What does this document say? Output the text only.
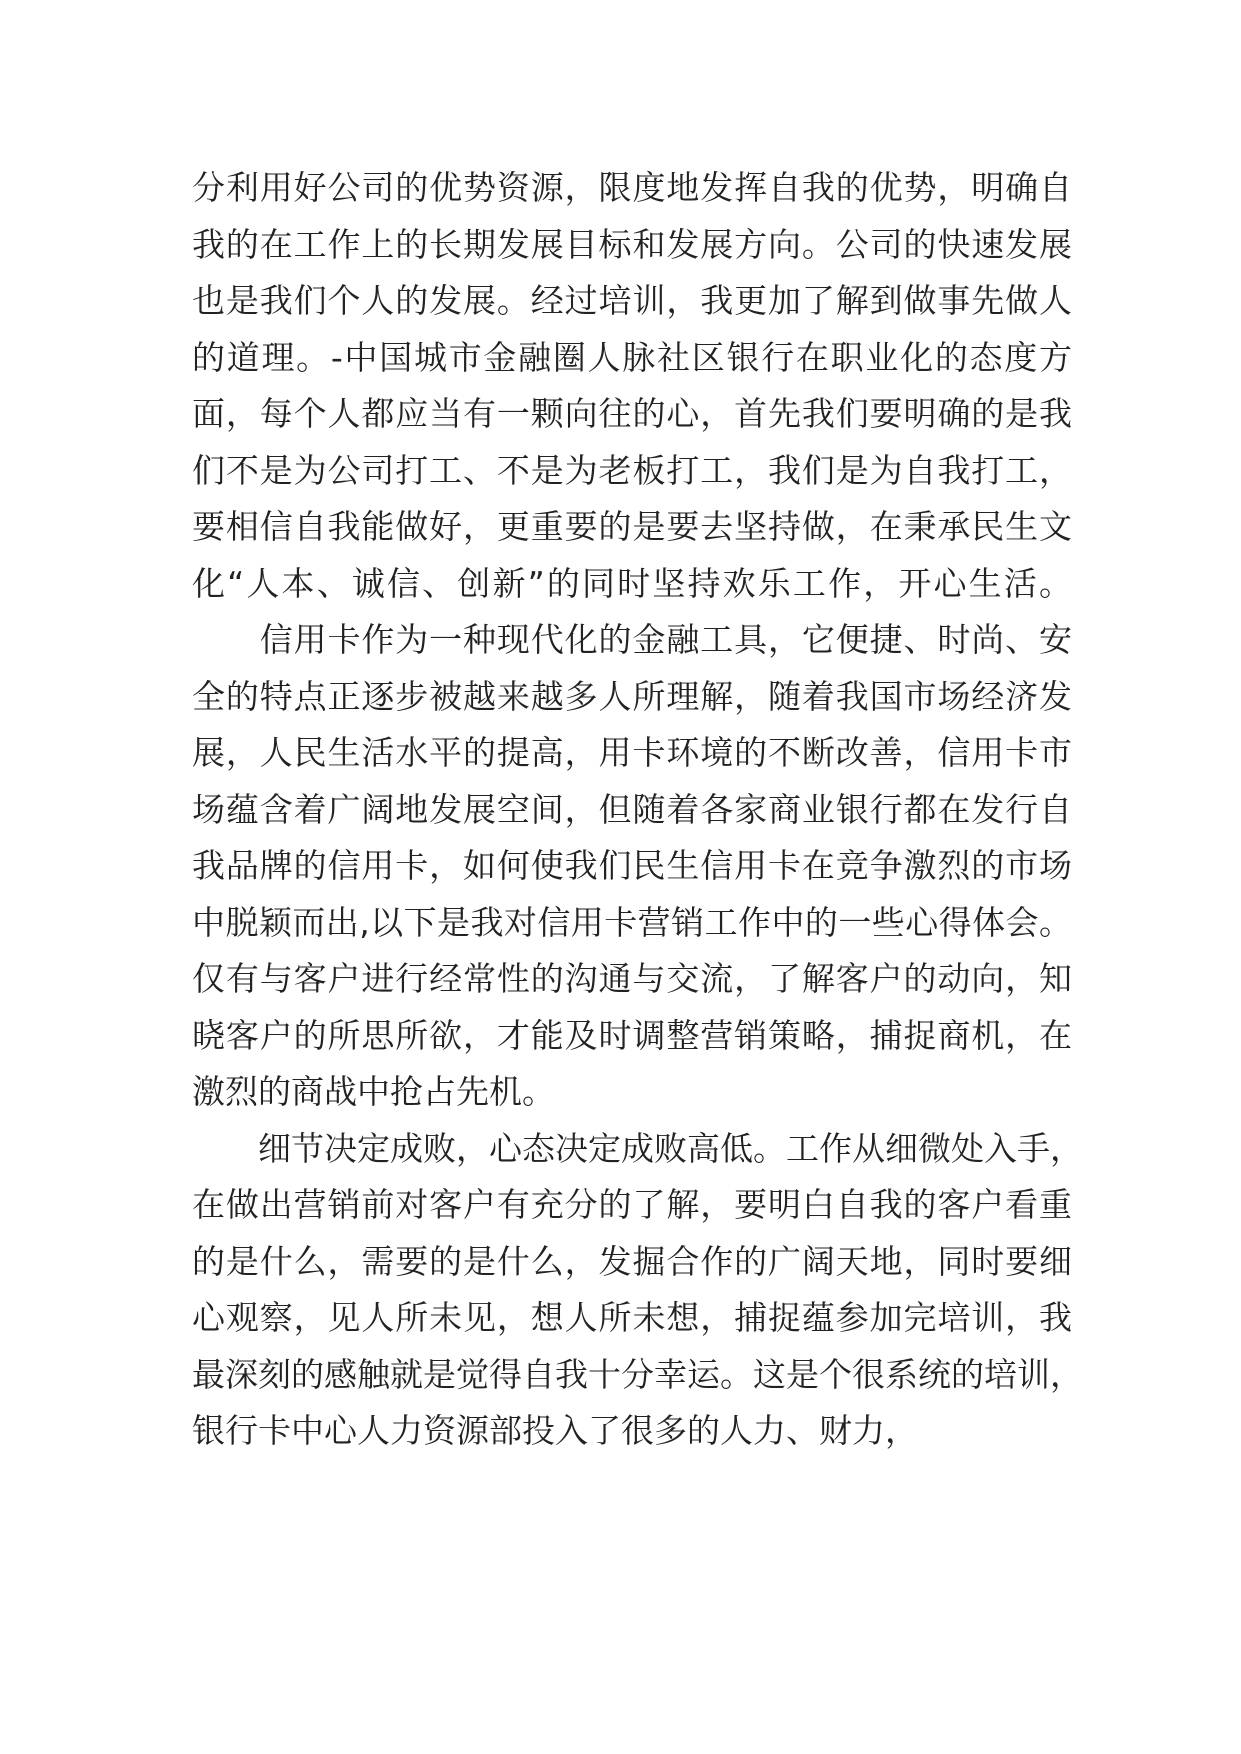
分利用好公司的优势资源，限度地发挥自我的优势，明确自
我的在工作上的长期发展目标和发展方向。公司的快速发展
也是我们个人的发展。经过培训，我更加了解到做事先做人
的道理。-中国城市金融圈人脉社区银行在职业化的态度方
面，每个人都应当有一颗向往的心，首先我们要明确的是我
们不是为公司打工、不是为老板打工，我们是为自我打工，
要相信自我能做好，更重要的是要去坚持做，在秉承民生文
化“人本、诚信、创新”的同时坚持欢乐工作，开心生活。
　　信用卡作为一种现代化的金融工具，它便捷、时尚、安
全的特点正逐步被越来越多人所理解，随着我国市场经济发
展，人民生活水平的提高，用卡环境的不断改善，信用卡市
场蕴含着广阔地发展空间，但随着各家商业银行都在发行自
我品牌的信用卡，如何使我们民生信用卡在竞争激烈的市场
中脱颖而出,以下是我对信用卡营销工作中的一些心得体会。
仅有与客户进行经常性的沟通与交流，了解客户的动向，知
晓客户的所思所欲，才能及时调整营销策略，捕捉商机，在
激烈的商战中抢占先机。
　　细节决定成败，心态决定成败高低。工作从细微处入手，
在做出营销前对客户有充分的了解，要明白自我的客户看重
的是什么，需要的是什么，发掘合作的广阔天地，同时要细
心观察，见人所未见，想人所未想，捕捉蕴参加完培训，我
最深刻的感触就是觉得自我十分幸运。这是个很系统的培训，
银行卡中心人力资源部投入了很多的人力、财力，
